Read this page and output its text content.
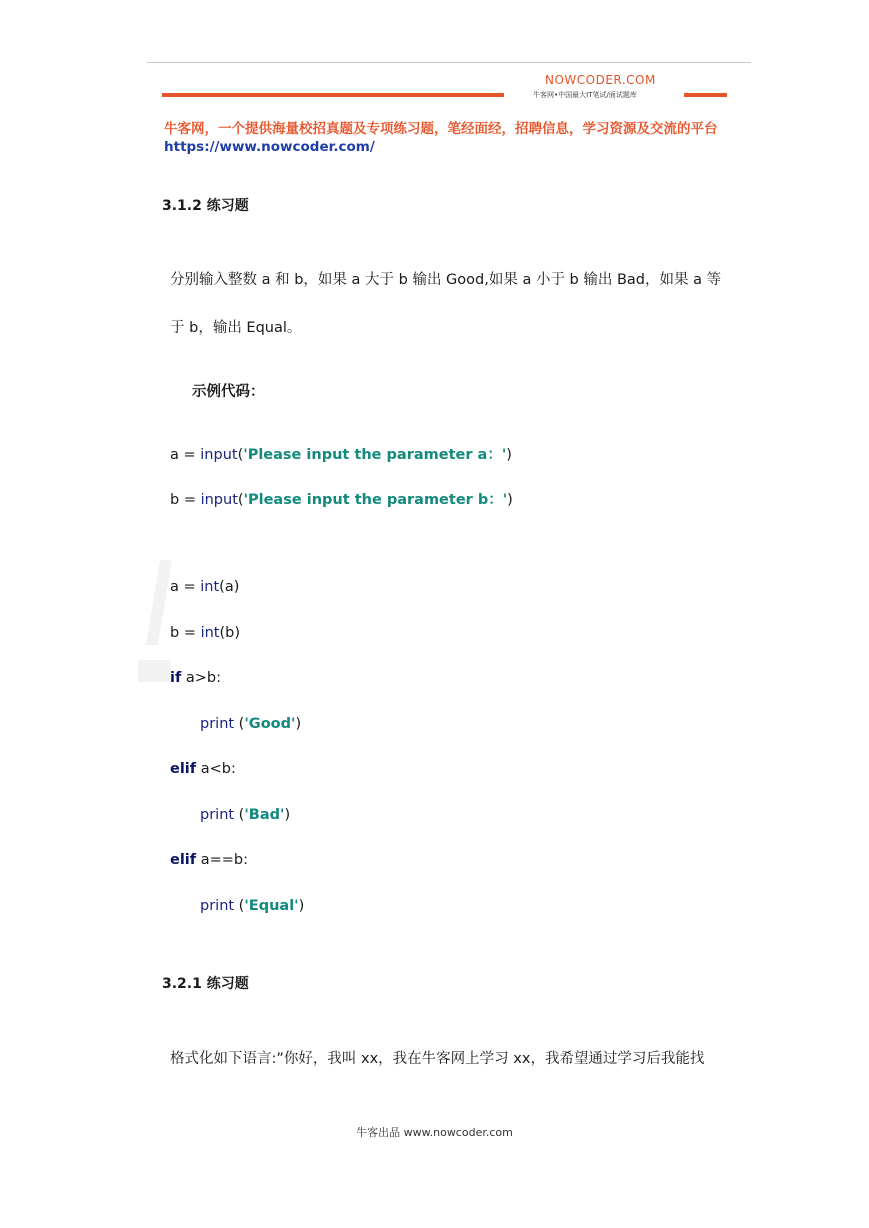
NOWCODER.COM
牛客网•中国最大IT笔试/面试题库
牛客网，一个提供海量校招真题及专项练习题，笔经面经，招聘信息，学习资源及交流的平台
https://www.nowcoder.com/
3.1.2 练习题
分别输入整数 a 和 b，如果 a 大于 b 输出 Good,如果 a 小于 b 输出 Bad，如果 a 等
于 b，输出 Equal。
示例代码：
a = input('Please input the parameter a：')
b = input('Please input the parameter b：')
a = int(a)
b = int(b)
if a>b:
print ('Good')
elif a<b:
print ('Bad')
elif a==b:
print ('Equal')
3.2.1 练习题
格式化如下语言:”你好，我叫 xx，我在牛客网上学习 xx，我希望通过学习后我能找
牛客出品 www.nowcoder.com
